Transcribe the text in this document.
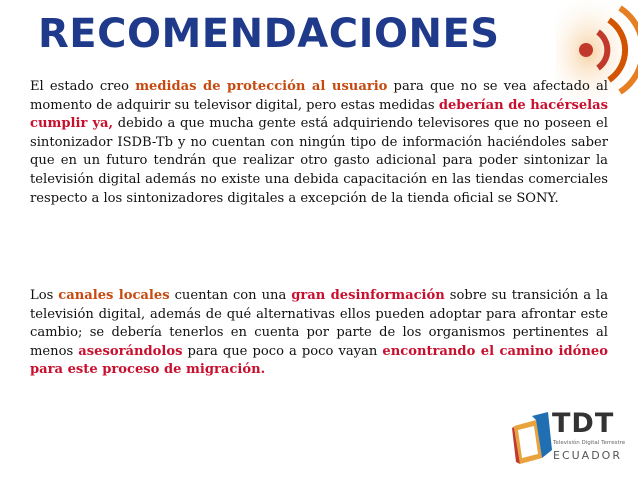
RECOMENDACIONES
El estado creo medidas de protección al usuario para que no se vea afectado al momento de adquirir su televisor digital, pero estas medidas deberían de hacérselas cumplir ya, debido a que mucha gente está adquiriendo televisores que no poseen el sintonizador ISDB-Tb y no cuentan con ningún tipo de información haciéndoles saber que en un futuro tendrán que realizar otro gasto adicional para poder sintonizar la televisión digital además no existe una debida capacitación en las tiendas comerciales respecto a los sintonizadores digitales a excepción de la tienda oficial se SONY.
Los canales locales cuentan con una gran desinformación sobre su transición a la televisión digital, además de qué alternativas ellos pueden adoptar para afrontar este cambio; se debería tenerlos en cuenta por parte de los organismos pertinentes al menos asesorándolos para que poco a poco vayan encontrando el camino idóneo para este proceso de migración.
TDT
Televisión Digital Terrestre
ECUADOR
